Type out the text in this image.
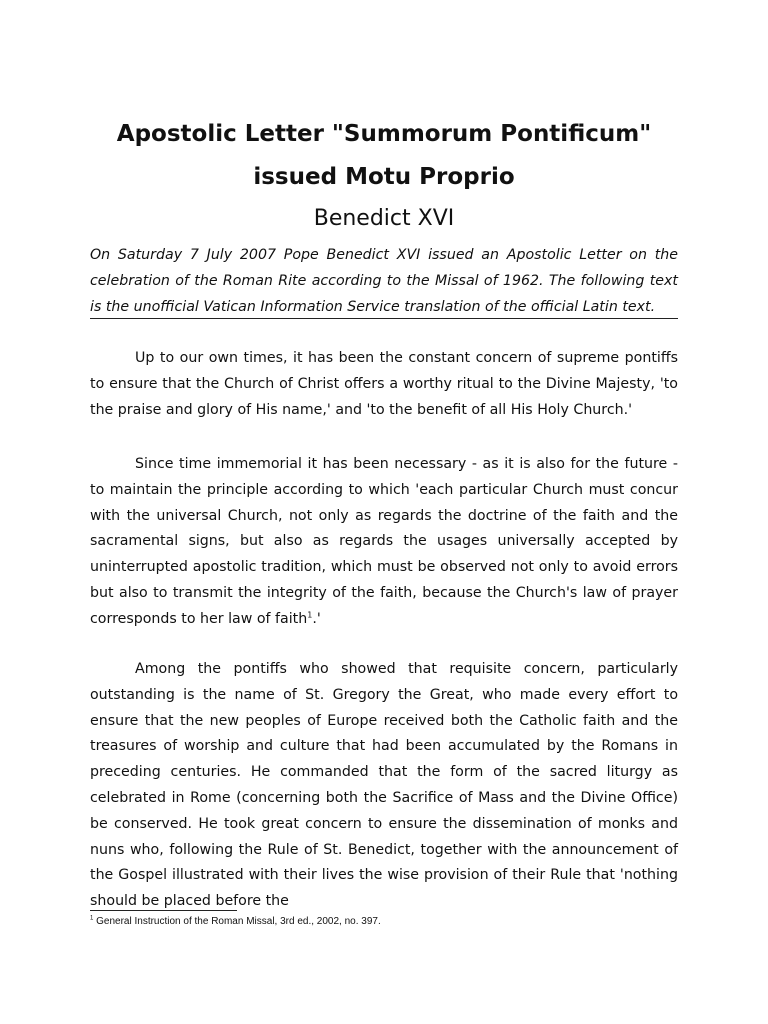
Apostolic Letter "Summorum Pontificum"
issued Motu Proprio
Benedict XVI

On Saturday 7 July 2007 Pope Benedict XVI issued an Apostolic Letter on the celebration of the Roman Rite according to the Missal of 1962. The following text is the unofficial Vatican Information Service translation of the official Latin text.

Up to our own times, it has been the constant concern of supreme pontiffs to ensure that the Church of Christ offers a worthy ritual to the Divine Majesty, 'to the praise and glory of His name,' and 'to the benefit of all His Holy Church.'

Since time immemorial it has been necessary - as it is also for the future - to maintain the principle according to which 'each particular Church must concur with the universal Church, not only as regards the doctrine of the faith and the sacramental signs, but also as regards the usages universally accepted by uninterrupted apostolic tradition, which must be observed not only to avoid errors but also to transmit the integrity of the faith, because the Church's law of prayer corresponds to her law of faith$^1$.'

Among the pontiffs who showed that requisite concern, particularly outstanding is the name of St. Gregory the Great, who made every effort to ensure that the new peoples of Europe received both the Catholic faith and the treasures of worship and culture that had been accumulated by the Romans in preceding centuries. He commanded that the form of the sacred liturgy as celebrated in Rome (concerning both the Sacrifice of Mass and the Divine Office) be conserved. He took great concern to ensure the dissemination of monks and nuns who, following the Rule of St. Benedict, together with the announcement of the Gospel illustrated with their lives the wise provision of their Rule that 'nothing should be placed before the

$^1$ General Instruction of the Roman Missal, 3rd ed., 2002, no. 397.
